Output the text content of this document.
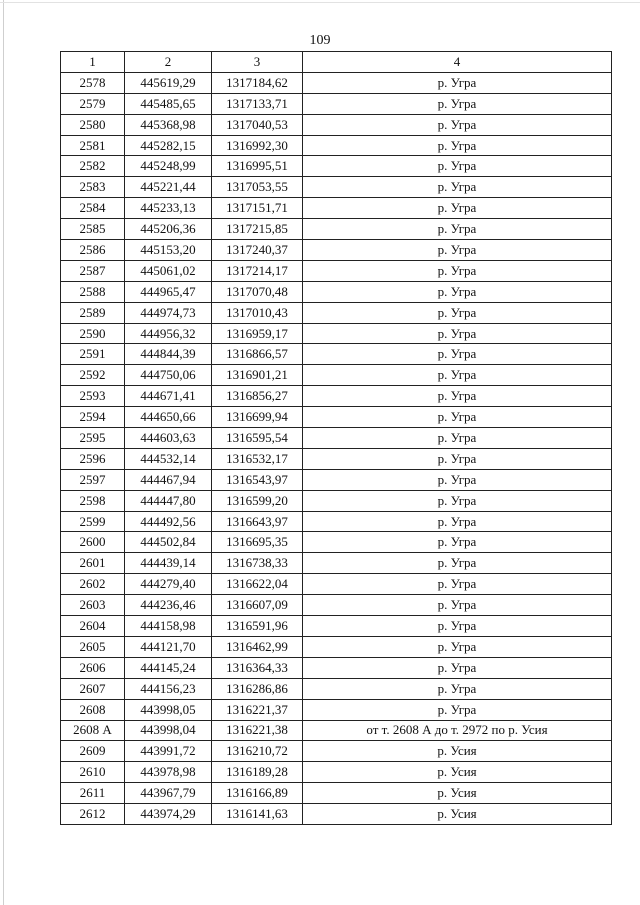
109
1	2	3	4
2578	445619,29	1317184,62	р. Угра
2579	445485,65	1317133,71	р. Угра
2580	445368,98	1317040,53	р. Угра
2581	445282,15	1316992,30	р. Угра
2582	445248,99	1316995,51	р. Угра
2583	445221,44	1317053,55	р. Угра
2584	445233,13	1317151,71	р. Угра
2585	445206,36	1317215,85	р. Угра
2586	445153,20	1317240,37	р. Угра
2587	445061,02	1317214,17	р. Угра
2588	444965,47	1317070,48	р. Угра
2589	444974,73	1317010,43	р. Угра
2590	444956,32	1316959,17	р. Угра
2591	444844,39	1316866,57	р. Угра
2592	444750,06	1316901,21	р. Угра
2593	444671,41	1316856,27	р. Угра
2594	444650,66	1316699,94	р. Угра
2595	444603,63	1316595,54	р. Угра
2596	444532,14	1316532,17	р. Угра
2597	444467,94	1316543,97	р. Угра
2598	444447,80	1316599,20	р. Угра
2599	444492,56	1316643,97	р. Угра
2600	444502,84	1316695,35	р. Угра
2601	444439,14	1316738,33	р. Угра
2602	444279,40	1316622,04	р. Угра
2603	444236,46	1316607,09	р. Угра
2604	444158,98	1316591,96	р. Угра
2605	444121,70	1316462,99	р. Угра
2606	444145,24	1316364,33	р. Угра
2607	444156,23	1316286,86	р. Угра
2608	443998,05	1316221,37	р. Угра
2608 А	443998,04	1316221,38	от т. 2608 А до т. 2972 по р. Усия
2609	443991,72	1316210,72	р. Усия
2610	443978,98	1316189,28	р. Усия
2611	443967,79	1316166,89	р. Усия
2612	443974,29	1316141,63	р. Усия
